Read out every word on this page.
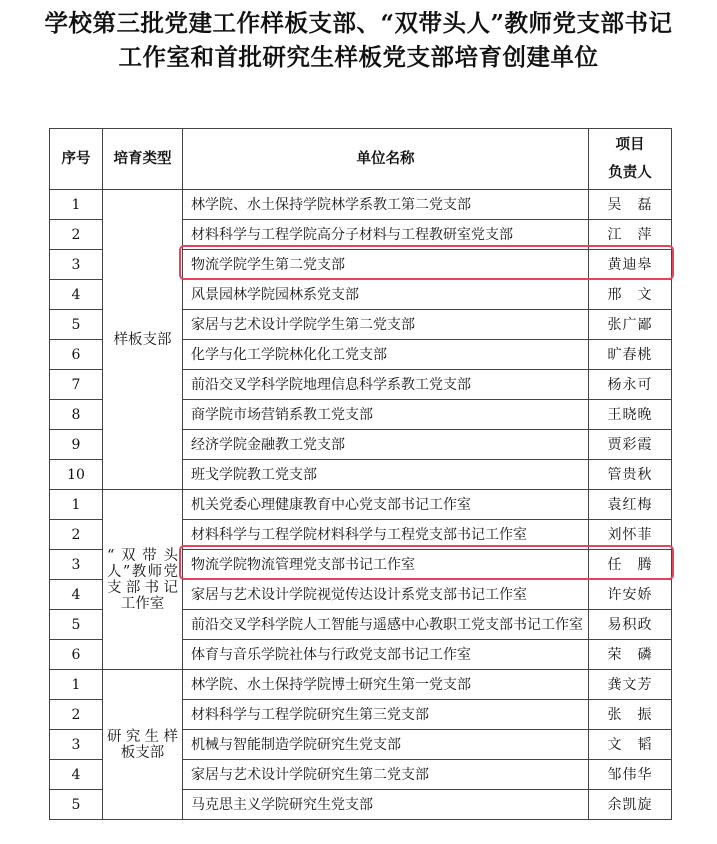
学校第三批党建工作样板支部、“双带头人”教师党支部书记
工作室和首批研究生样板党支部培育创建单位
序号	培育类型	单位名称	项目
负责人
1	样板支部	林学院、水土保持学院林学系教工第二党支部	吴　磊
2		材料科学与工程学院高分子材料与工程教研室党支部	江　萍
3		物流学院学生第二党支部	黄迪皋
4		风景园林学院园林系党支部	邢　文
5		家居与艺术设计学院学生第二党支部	张广鄙
6		化学与化工学院林化化工党支部	旷春桃
7		前沿交叉学科学院地理信息科学系教工党支部	杨永可
8		商学院市场营销系教工党支部	王晓晚
9		经济学院金融教工党支部	贾彩霞
10		班戈学院教工党支部	管贵秋
1	“双带头人”教师党支部书记工作室	机关党委心理健康教育中心党支部书记工作室	袁红梅
2		材料科学与工程学院材料科学与工程党支部书记工作室	刘怀菲
3		物流学院物流管理党支部书记工作室	任　腾
4		家居与艺术设计学院视觉传达设计系党支部书记工作室	许安娇
5		前沿交叉学科学院人工智能与遥感中心教职工党支部书记工作室	易积政
6		体育与音乐学院社体与行政党支部书记工作室	荣　磷
1	研究生样板支部	林学院、水土保持学院博士研究生第一党支部	龚文芳
2		材料科学与工程学院研究生第三党支部	张　振
3		机械与智能制造学院研究生党支部	文　韬
4		家居与艺术设计学院研究生第二党支部	邹伟华
5		马克思主义学院研究生党支部	余凯旋
